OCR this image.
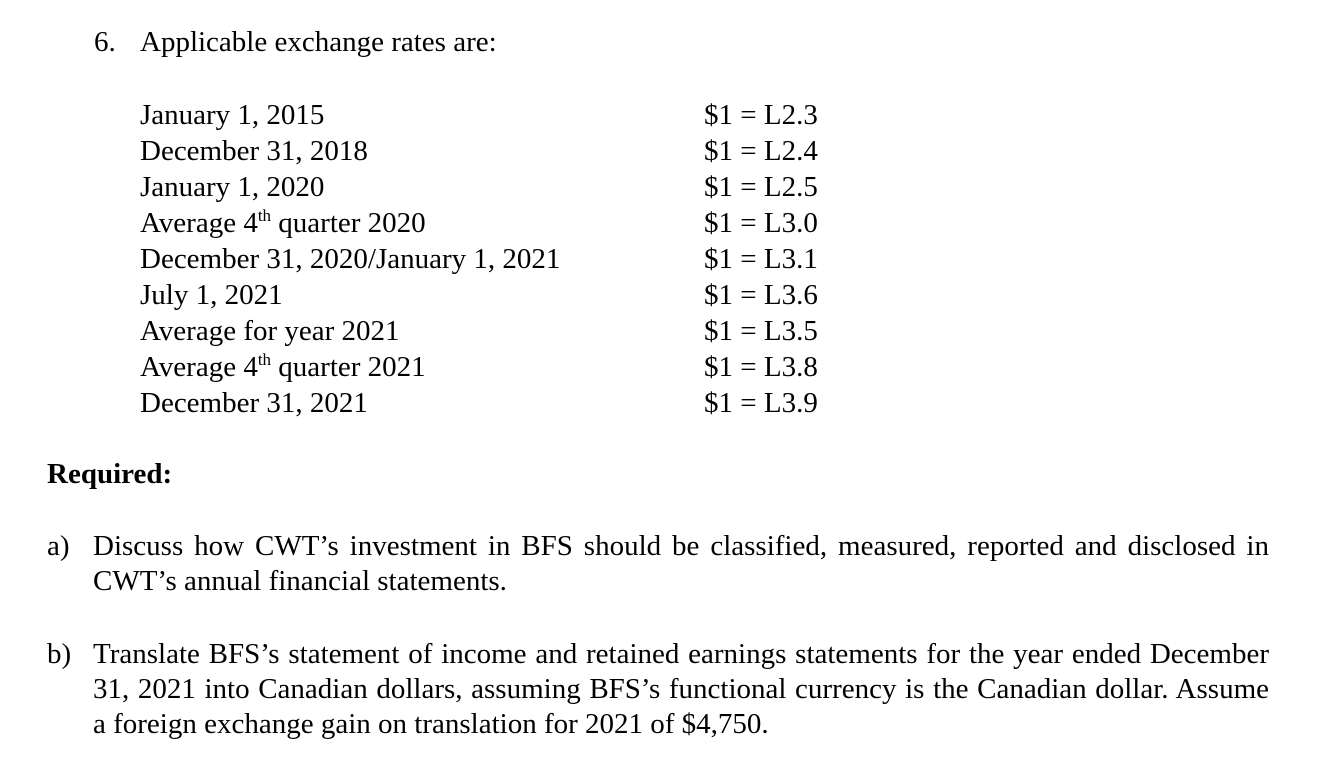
6. Applicable exchange rates are:
January 1, 2015	$1 = L2.3
December 31, 2018	$1 = L2.4
January 1, 2020	$1 = L2.5
Average 4th quarter 2020	$1 = L3.0
December 31, 2020/January 1, 2021	$1 = L3.1
July 1, 2021	$1 = L3.6
Average for year 2021	$1 = L3.5
Average 4th quarter 2021	$1 = L3.8
December 31, 2021	$1 = L3.9
Required:
a) Discuss how CWT’s investment in BFS should be classified, measured, reported and disclosed in CWT’s annual financial statements.
b) Translate BFS’s statement of income and retained earnings statements for the year ended December 31, 2021 into Canadian dollars, assuming BFS’s functional currency is the Canadian dollar. Assume a foreign exchange gain on translation for 2021 of $4,750.
